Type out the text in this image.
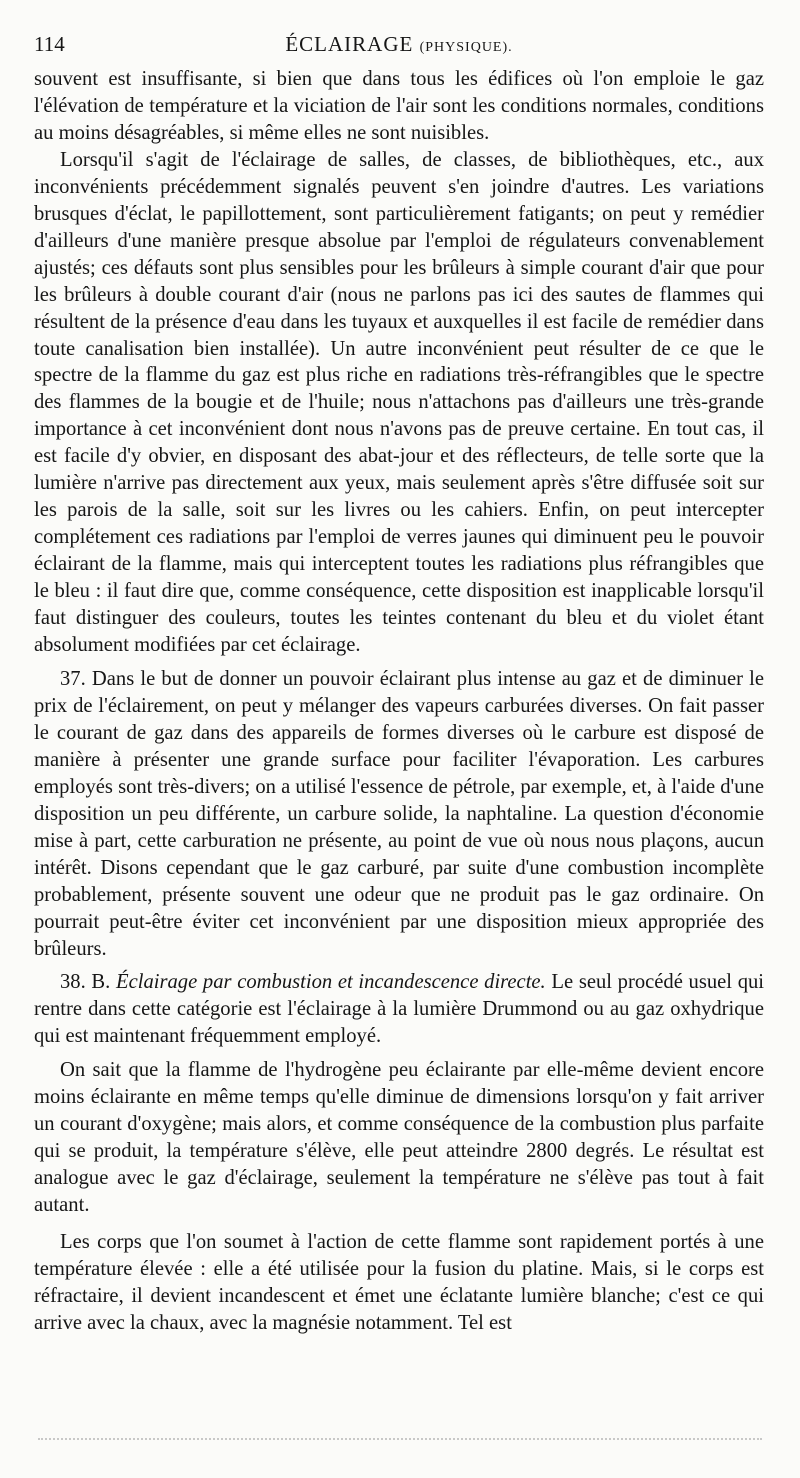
114	ÉCLAIRAGE (PHYSIQUE).

souvent est insuffisante, si bien que dans tous les édifices où l'on emploie le gaz l'élévation de température et la viciation de l'air sont les conditions normales, conditions au moins désagréables, si même elles ne sont nuisibles.

Lorsqu'il s'agit de l'éclairage de salles, de classes, de bibliothèques, etc., aux inconvénients précédemment signalés peuvent s'en joindre d'autres. Les variations brusques d'éclat, le papillottement, sont particulièrement fatigants; on peut y remédier d'ailleurs d'une manière presque absolue par l'emploi de régulateurs convenablement ajustés; ces défauts sont plus sensibles pour les brûleurs à simple courant d'air que pour les brûleurs à double courant d'air (nous ne parlons pas ici des sautes de flammes qui résultent de la présence d'eau dans les tuyaux et auxquelles il est facile de remédier dans toute canalisation bien installée). Un autre inconvénient peut résulter de ce que le spectre de la flamme du gaz est plus riche en radiations très-réfrangibles que le spectre des flammes de la bougie et de l'huile; nous n'attachons pas d'ailleurs une très-grande importance à cet inconvénient dont nous n'avons pas de preuve certaine. En tout cas, il est facile d'y obvier, en disposant des abat-jour et des réflecteurs, de telle sorte que la lumière n'arrive pas directement aux yeux, mais seulement après s'être diffusée soit sur les parois de la salle, soit sur les livres ou les cahiers. Enfin, on peut intercepter complétement ces radiations par l'emploi de verres jaunes qui diminuent peu le pouvoir éclairant de la flamme, mais qui interceptent toutes les radiations plus réfrangibles que le bleu : il faut dire que, comme conséquence, cette disposition est inapplicable lorsqu'il faut distinguer des couleurs, toutes les teintes contenant du bleu et du violet étant absolument modifiées par cet éclairage.

37. Dans le but de donner un pouvoir éclairant plus intense au gaz et de diminuer le prix de l'éclairement, on peut y mélanger des vapeurs carburées diverses. On fait passer le courant de gaz dans des appareils de formes diverses où le carbure est disposé de manière à présenter une grande surface pour faciliter l'évaporation. Les carbures employés sont très-divers; on a utilisé l'essence de pétrole, par exemple, et, à l'aide d'une disposition un peu différente, un carbure solide, la naphtaline. La question d'économie mise à part, cette carburation ne présente, au point de vue où nous nous plaçons, aucun intérêt. Disons cependant que le gaz carburé, par suite d'une combustion incomplète probablement, présente souvent une odeur que ne produit pas le gaz ordinaire. On pourrait peut-être éviter cet inconvénient par une disposition mieux appropriée des brûleurs.

38. B. Éclairage par combustion et incandescence directe. Le seul procédé usuel qui rentre dans cette catégorie est l'éclairage à la lumière Drummond ou au gaz oxhydrique qui est maintenant fréquemment employé.

On sait que la flamme de l'hydrogène peu éclairante par elle-même devient encore moins éclairante en même temps qu'elle diminue de dimensions lorsqu'on y fait arriver un courant d'oxygène; mais alors, et comme conséquence de la combustion plus parfaite qui se produit, la température s'élève, elle peut atteindre 2800 degrés. Le résultat est analogue avec le gaz d'éclairage, seulement la température ne s'élève pas tout à fait autant.

Les corps que l'on soumet à l'action de cette flamme sont rapidement portés à une température élevée : elle a été utilisée pour la fusion du platine. Mais, si le corps est réfractaire, il devient incandescent et émet une éclatante lumière blanche; c'est ce qui arrive avec la chaux, avec la magnésie notamment. Tel est
